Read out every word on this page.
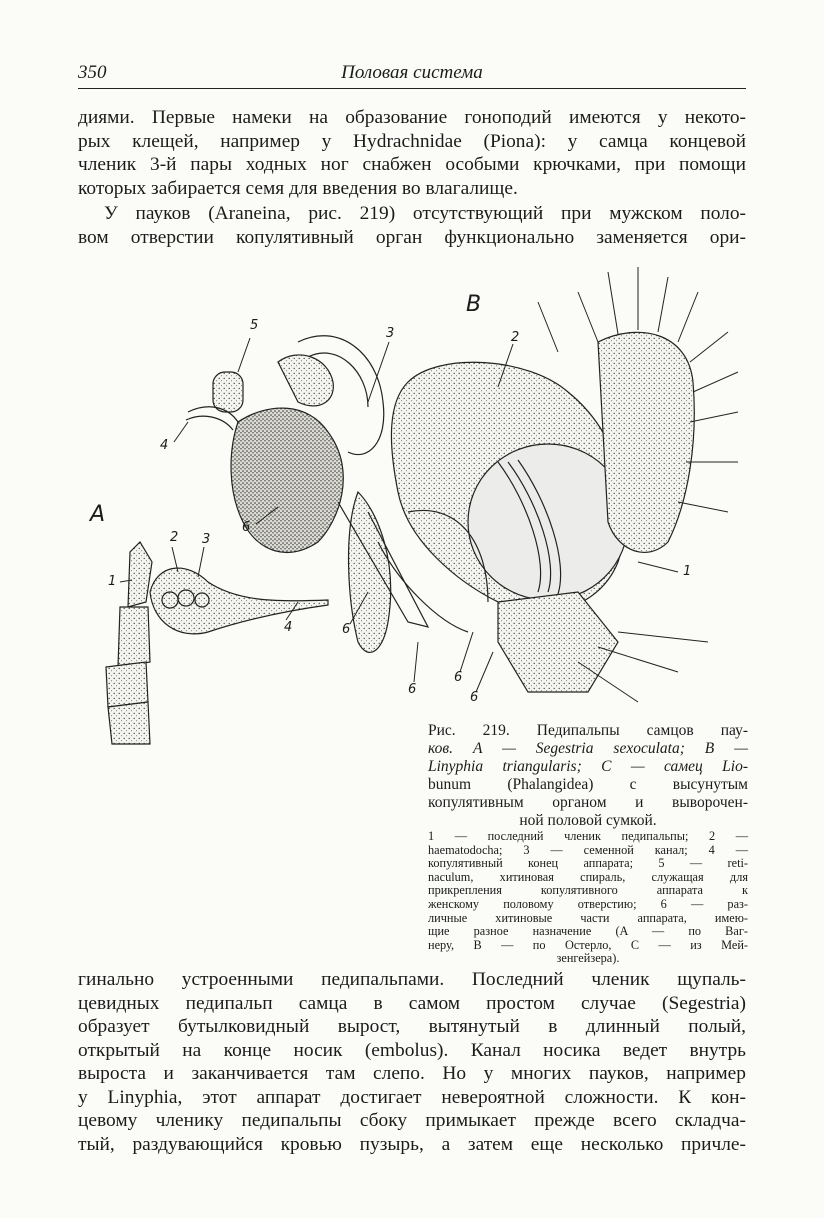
350	Половая система
диями. Первые намеки на образование гоноподий имеются у некото-
рых клещей, например у Hydrachnidae (Piona): у самца концевой
членик 3-й пары ходных ног снабжен особыми крючками, при помощи
которых забирается семя для введения во влагалище.
У пауков (Araneina, рис. 219) отсутствующий при мужском поло-
вом отверстии копулятивный орган функционально заменяется ори-
B
A
5
3	2
4
6
1
2 3
1
4	6
6
6
6
Рис. 219. Педипальпы самцов пау-
ков. A — Segestria sexoculata; B —
Linyphia triangularis; C — самец Lio-
bunum (Phalangidea) с высунутым
копулятивным органом и выворочен-
ной половой сумкой.
1 — последний членик педипальпы; 2 —
haematodocha; 3 — семенной канал; 4 —
копулятивный конец аппарата; 5 — reti-
naculum, хитиновая спираль, служащая для
прикрепления копулятивного аппарата к
женскому половому отверстию; 6 — раз-
личные хитиновые части аппарата, имею-
щие разное назначение (A — по Ваг-
неру, B — по Остерло, C — из Мей-
зенгейзера).
гинально устроенными педипальпами. Последний членик щупаль-
цевидных педипальп самца в самом простом случае (Segestria)
образует бутылковидный вырост, вытянутый в длинный полый,
открытый на конце носик (embolus). Канал носика ведет внутрь
выроста и заканчивается там слепо. Но у многих пауков, например
у Linyphia, этот аппарат достигает невероятной сложности. К кон-
цевому членику педипальпы сбоку примыкает прежде всего складча-
тый, раздувающийся кровью пузырь, а затем еще несколько причле-
